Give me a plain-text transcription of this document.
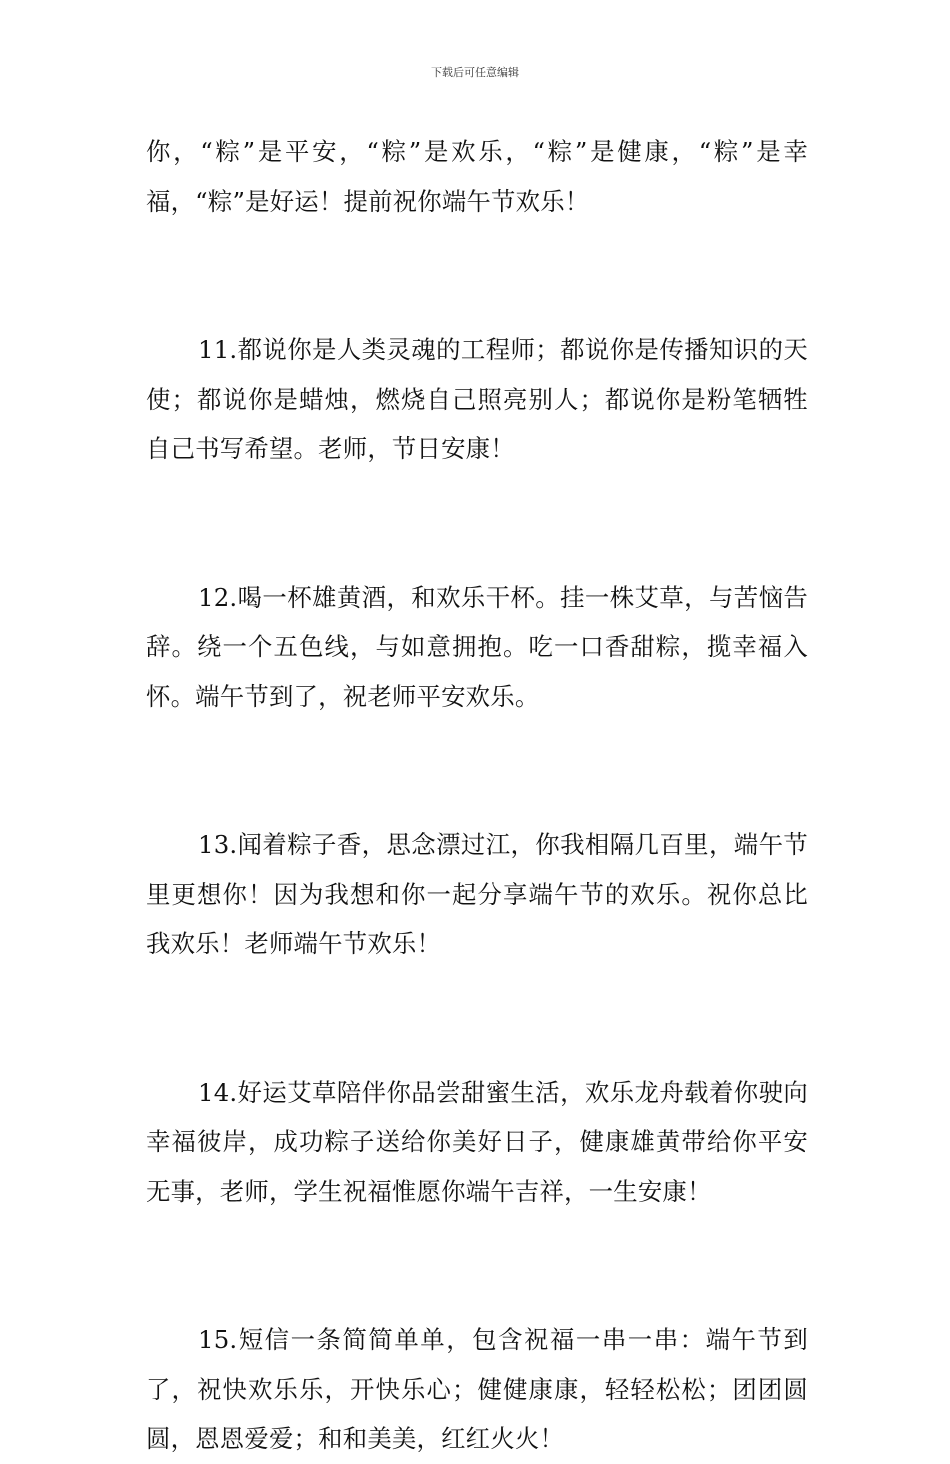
下载后可任意编辑

你，“粽”是平安，“粽”是欢乐，“粽”是健康，“粽”是幸福，“粽”是好运！提前祝你端午节欢乐！

11.都说你是人类灵魂的工程师；都说你是传播知识的天使；都说你是蜡烛，燃烧自己照亮别人；都说你是粉笔牺牲自己书写希望。老师，节日安康！

12.喝一杯雄黄酒，和欢乐干杯。挂一株艾草，与苦恼告辞。绕一个五色线，与如意拥抱。吃一口香甜粽，揽幸福入怀。端午节到了，祝老师平安欢乐。

13.闻着粽子香，思念漂过江，你我相隔几百里，端午节里更想你！因为我想和你一起分享端午节的欢乐。祝你总比我欢乐！老师端午节欢乐！

14.好运艾草陪伴你品尝甜蜜生活，欢乐龙舟载着你驶向幸福彼岸，成功粽子送给你美好日子，健康雄黄带给你平安无事，老师，学生祝福惟愿你端午吉祥，一生安康！

15.短信一条简简单单，包含祝福一串一串：端午节到了，祝快欢乐乐，开快乐心；健健康康，轻轻松松；团团圆圆，恩恩爱爱；和和美美，红红火火！
